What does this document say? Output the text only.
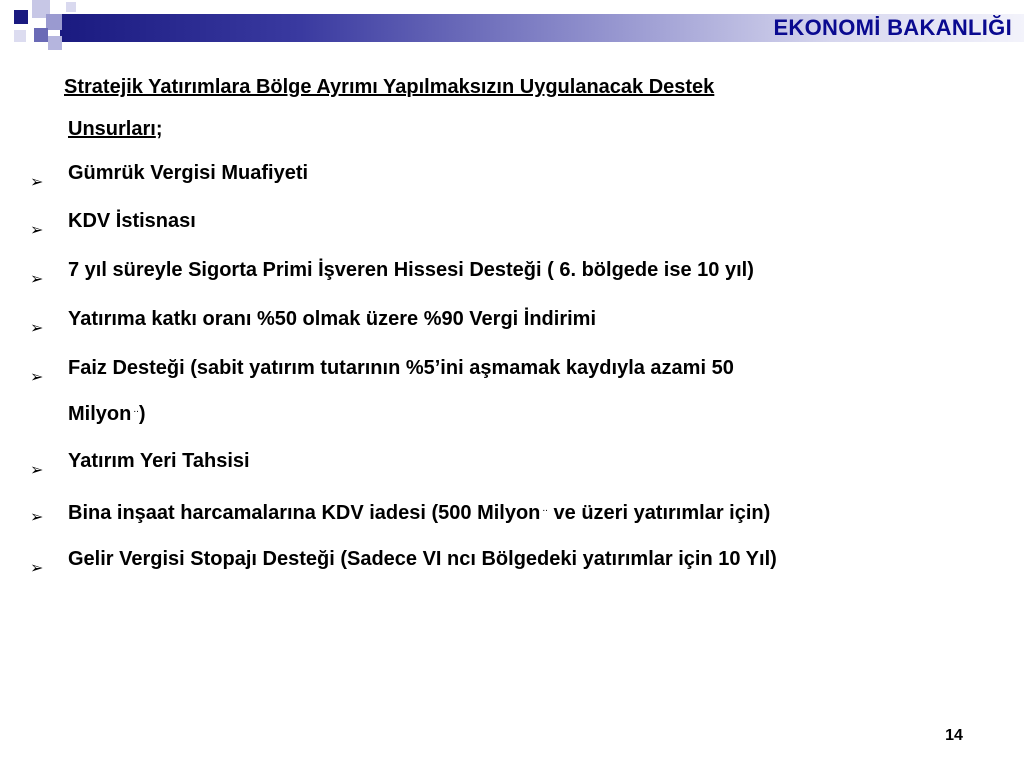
EKONOMİ BAKANLIĞI
Stratejik Yatırımlara Bölge Ayrımı Yapılmaksızın Uygulanacak Destek
Unsurları;
➢ Gümrük Vergisi Muafiyeti
➢ KDV İstisnası
➢ 7 yıl süreyle Sigorta Primi İşveren Hissesi Desteği ( 6. bölgede ise 10 yıl)
➢ Yatırıma katkı oranı %50 olmak üzere %90 Vergi İndirimi
➢ Faiz Desteği (sabit yatırım tutarının %5’ini aşmamak kaydıyla azami 50
Milyon ..)
➢ Yatırım Yeri Tahsisi
➢ Bina inşaat harcamalarına KDV iadesi (500 Milyon .. ve üzeri yatırımlar için)
➢ Gelir Vergisi Stopajı Desteği (Sadece VI ncı Bölgedeki yatırımlar için 10 Yıl)
14
